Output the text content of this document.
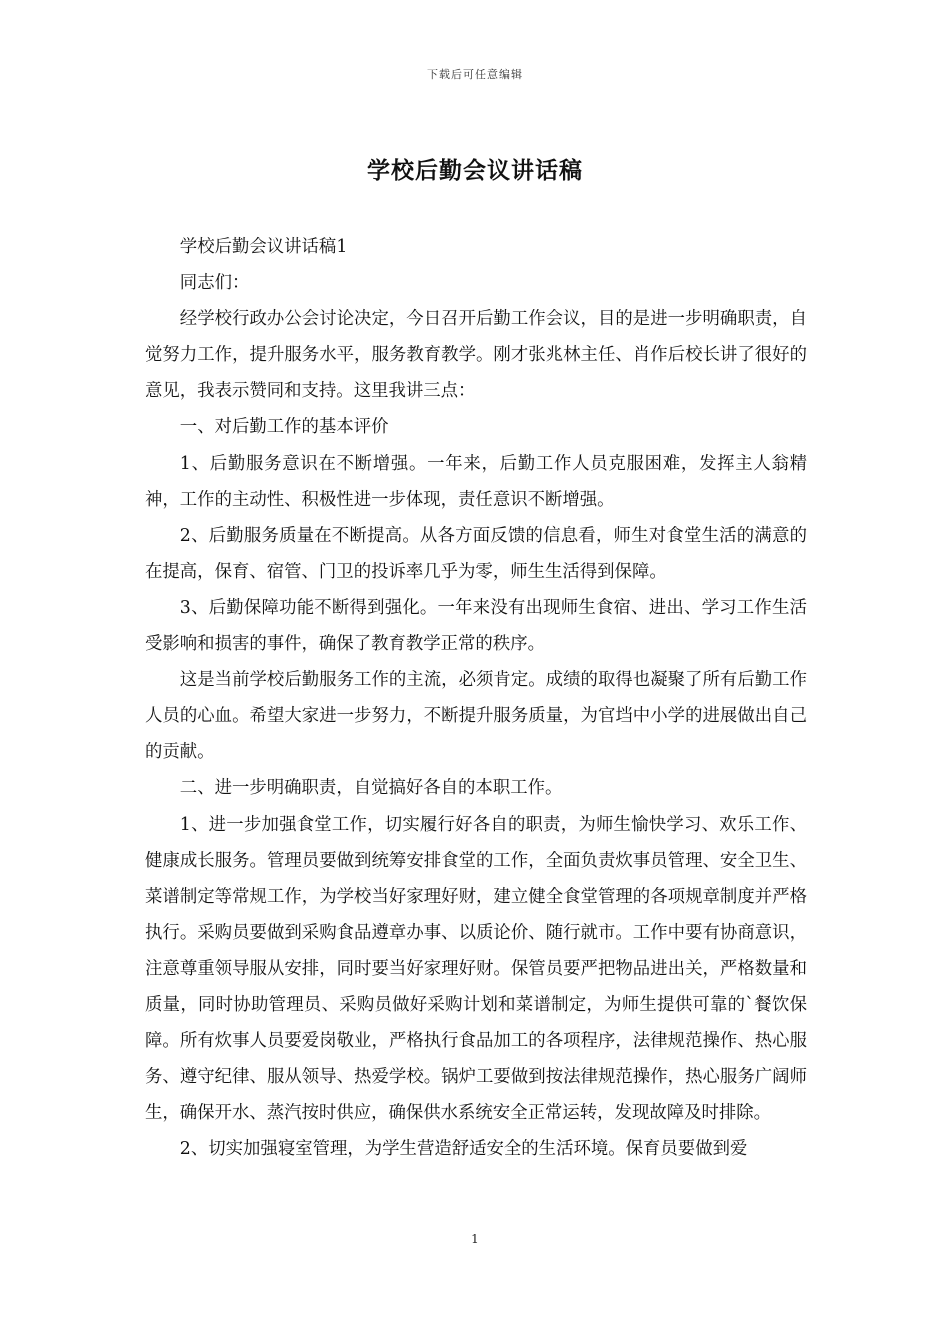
下载后可任意编辑
学校后勤会议讲话稿

学校后勤会议讲话稿1

同志们：

经学校行政办公会讨论决定，今日召开后勤工作会议，目的是进一步明确职责，自觉努力工作，提升服务水平，服务教育教学。刚才张兆林主任、肖作后校长讲了很好的意见，我表示赞同和支持。这里我讲三点：

一、对后勤工作的基本评价

1、后勤服务意识在不断增强。一年来，后勤工作人员克服困难，发挥主人翁精神，工作的主动性、积极性进一步体现，责任意识不断增强。

2、后勤服务质量在不断提高。从各方面反馈的信息看，师生对食堂生活的满意的在提高，保育、宿管、门卫的投诉率几乎为零，师生生活得到保障。

3、后勤保障功能不断得到强化。一年来没有出现师生食宿、进出、学习工作生活受影响和损害的事件，确保了教育教学正常的秩序。

这是当前学校后勤服务工作的主流，必须肯定。成绩的取得也凝聚了所有后勤工作人员的心血。希望大家进一步努力，不断提升服务质量，为官垱中小学的进展做出自己的贡献。

二、进一步明确职责，自觉搞好各自的本职工作。

1、进一步加强食堂工作，切实履行好各自的职责，为师生愉快学习、欢乐工作、健康成长服务。管理员要做到统筹安排食堂的工作，全面负责炊事员管理、安全卫生、菜谱制定等常规工作，为学校当好家理好财，建立健全食堂管理的各项规章制度并严格执行。采购员要做到采购食品遵章办事、以质论价、随行就市。工作中要有协商意识，注意尊重领导服从安排，同时要当好家理好财。保管员要严把物品进出关，严格数量和质量，同时协助管理员、采购员做好采购计划和菜谱制定，为师生提供可靠的`餐饮保障。所有炊事人员要爱岗敬业，严格执行食品加工的各项程序，法律规范操作、热心服务、遵守纪律、服从领导、热爱学校。锅炉工要做到按法律规范操作，热心服务广阔师生，确保开水、蒸汽按时供应，确保供水系统安全正常运转，发现故障及时排除。

2、切实加强寝室管理，为学生营造舒适安全的生活环境。保育员要做到爱

1
